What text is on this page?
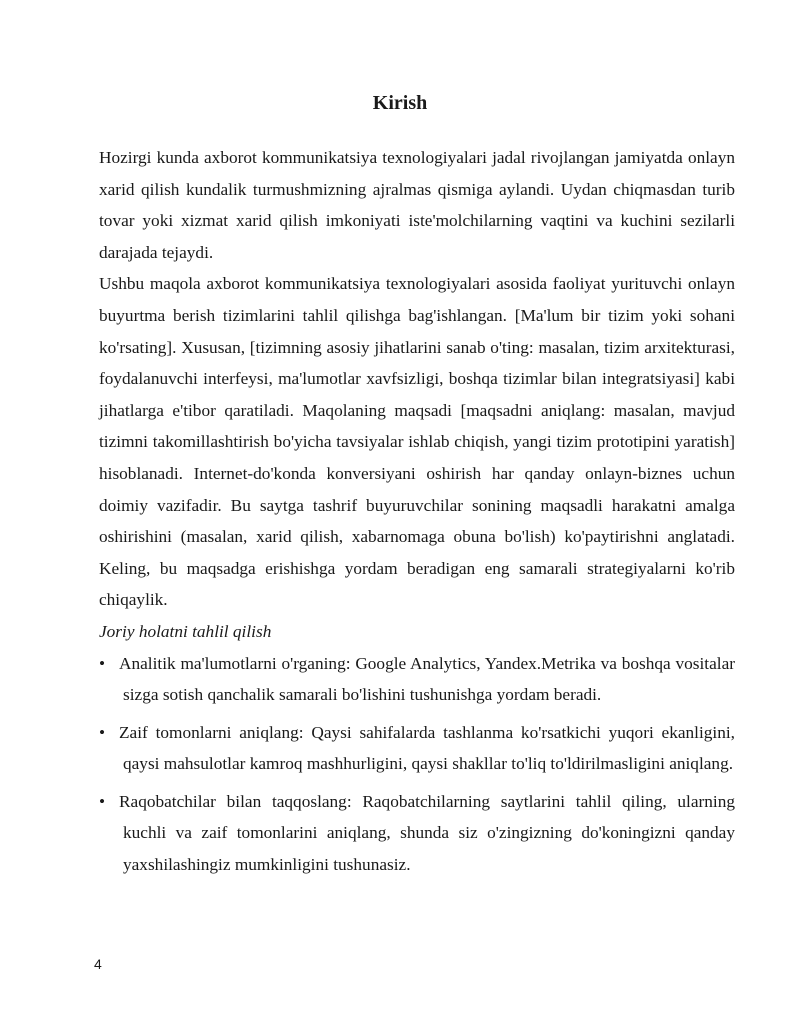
Kirish

Hozirgi kunda axborot kommunikatsiya texnologiyalari jadal rivojlangan jamiyatda onlayn xarid qilish kundalik turmushmizning ajralmas qismiga aylandi. Uydan chiqmasdan turib tovar yoki xizmat xarid qilish imkoniyati iste'molchilarning vaqtini va kuchini sezilarli darajada tejaydi.

Ushbu maqola axborot kommunikatsiya texnologiyalari asosida faoliyat yurituvchi onlayn buyurtma berish tizimlarini tahlil qilishga bag'ishlangan. [Ma'lum bir tizim yoki sohani ko'rsating]. Xususan, [tizimning asosiy jihatlarini sanab o'ting: masalan, tizim arxitekturasi, foydalanuvchi interfeysi, ma'lumotlar xavfsizligi, boshqa tizimlar bilan integratsiyasi] kabi jihatlarga e'tibor qaratiladi. Maqolaning maqsadi [maqsadni aniqlang: masalan, mavjud tizimni takomillashtirish bo'yicha tavsiyalar ishlab chiqish, yangi tizim prototipini yaratish] hisoblanadi. Internet-do'konda konversiyani oshirish har qanday onlayn-biznes uchun doimiy vazifadir. Bu saytga tashrif buyuruvchilar sonining maqsadli harakatni amalga oshirishini (masalan, xarid qilish, xabarnomaga obuna bo'lish) ko'paytirishni anglatadi. Keling, bu maqsadga erishishga yordam beradigan eng samarali strategiyalarni ko'rib chiqaylik.

Joriy holatni tahlil qilish

• Analitik ma'lumotlarni o'rganing: Google Analytics, Yandex.Metrika va boshqa vositalar sizga sotish qanchalik samarali bo'lishini tushunishga yordam beradi.
• Zaif tomonlarni aniqlang: Qaysi sahifalarda tashlanma ko'rsatkichi yuqori ekanligini, qaysi mahsulotlar kamroq mashhurligini, qaysi shakllar to'liq to'ldirilmasligini aniqlang.
• Raqobatchilar bilan taqqoslang: Raqobatchilarning saytlarini tahlil qiling, ularning kuchli va zaif tomonlarini aniqlang, shunda siz o'zingizning do'koningizni qanday yaxshilashingiz mumkinligini tushunasiz.
4
